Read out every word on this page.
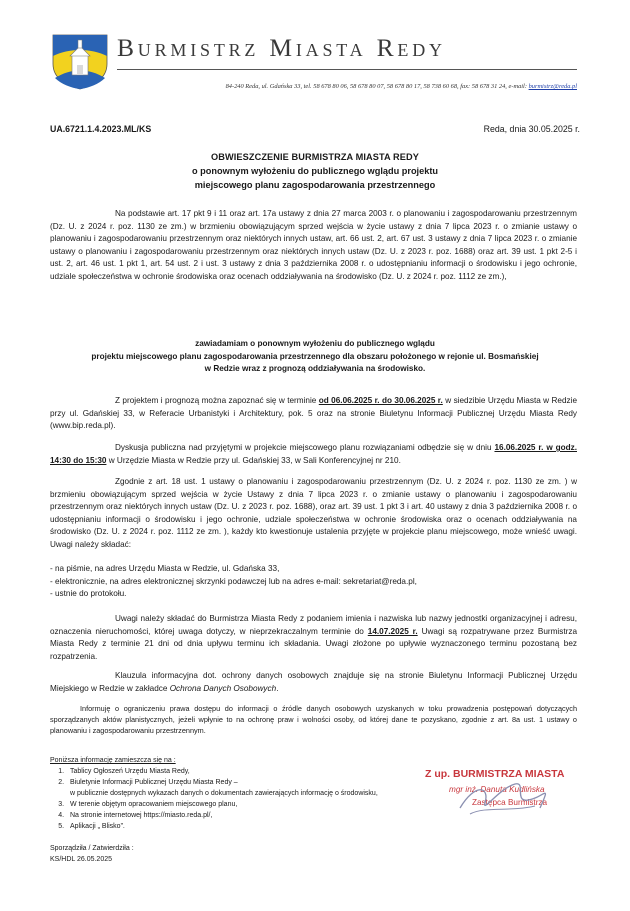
Burmistrz Miasta Redy
84-240 Reda, ul. Gdańska 33, tel. 58 678 80 06, 58 678 80 07, 58 678 80 17, 58 738 60 68, fax: 58 678 31 24, e-mail: burmistrz@reda.pl
UA.6721.1.4.2023.ML/KS	Reda, dnia 30.05.2025 r.
OBWIESZCZENIE BURMISTRZA MIASTA REDY
o ponownym wyłożeniu do publicznego wglądu projektu
miejscowego planu zagospodarowania przestrzennego

Na podstawie art. 17 pkt 9 i 11 oraz art. 17a ustawy z dnia 27 marca 2003 r. o planowaniu i zagospodarowaniu przestrzennym (Dz. U. z 2024 r. poz. 1130 ze zm.) w brzmieniu obowiązującym sprzed wejścia w życie ustawy z dnia 7 lipca 2023 r. o zmianie ustawy o planowaniu i zagospodarowaniu przestrzennym oraz niektórych innych ustaw, art. 66 ust. 2, art. 67 ust. 3 ustawy z dnia 7 lipca 2023 r. o zmianie ustawy o planowaniu i zagospodarowaniu przestrzennym oraz niektórych innych ustaw (Dz. U. z 2023 r. poz. 1688) oraz art. 39 ust. 1 pkt 2-5 i ust. 2, art. 46 ust. 1 pkt 1, art. 54 ust. 2 i ust. 3 ustawy z dnia 3 października 2008 r. o udostępnianiu informacji o środowisku i jego ochronie, udziale społeczeństwa w ochronie środowiska oraz ocenach oddziaływania na środowisko (Dz. U. z 2024 r. poz. 1112 ze zm.),

zawiadamiam o ponownym wyłożeniu do publicznego wglądu
projektu miejscowego planu zagospodarowania przestrzennego dla obszaru położonego w rejonie ul. Bosmańskiej
w Redzie wraz z prognozą oddziaływania na środowisko.

Z projektem i prognozą można zapoznać się w terminie od 06.06.2025 r. do 30.06.2025 r. w siedzibie Urzędu Miasta w Redzie przy ul. Gdańskiej 33, w Referacie Urbanistyki i Architektury, pok. 5 oraz na stronie Biuletynu Informacji Publicznej Urzędu Miasta Redy (www.bip.reda.pl).

Dyskusja publiczna nad przyjętymi w projekcie miejscowego planu rozwiązaniami odbędzie się w dniu 16.06.2025 r. w godz. 14:30 do 15:30 w Urzędzie Miasta w Redzie przy ul. Gdańskiej 33, w Sali Konferencyjnej nr 210.

Zgodnie z art. 18 ust. 1 ustawy o planowaniu i zagospodarowaniu przestrzennym (Dz. U. z 2024 r. poz. 1130 ze zm. ) w brzmieniu obowiązującym sprzed wejścia w życie Ustawy z dnia 7 lipca 2023 r. o zmianie ustawy o planowaniu i zagospodarowaniu przestrzennym oraz niektórych innych ustaw (Dz. U. z 2023 r. poz. 1688), oraz art. 39 ust. 1 pkt 3 i art. 40 ustawy z dnia 3 października 2008 r. o udostępnianiu informacji o środowisku i jego ochronie, udziale społeczeństwa w ochronie środowiska oraz o ocenach oddziaływania na środowisko (Dz. U. z 2024 r. poz. 1112 ze zm. ), każdy kto kwestionuje ustalenia przyjęte w projekcie planu miejscowego, może wnieść uwagi. Uwagi należy składać:

- na piśmie, na adres Urzędu Miasta w Redzie, ul. Gdańska 33,
- elektronicznie, na adres elektronicznej skrzynki podawczej lub na adres e-mail: sekretariat@reda.pl,
- ustnie do protokołu.

Uwagi należy składać do Burmistrza Miasta Redy z podaniem imienia i nazwiska lub nazwy jednostki organizacyjnej i adresu, oznaczenia nieruchomości, której uwaga dotyczy, w nieprzekraczalnym terminie do 14.07.2025 r. Uwagi są rozpatrywane przez Burmistrza Miasta Redy z terminie 21 dni od dnia upływu terminu ich składania. Uwagi złożone po upływie wyznaczonego terminu pozostaną bez rozpatrzenia.

Klauzula informacyjna dot. ochrony danych osobowych znajduje się na stronie Biuletynu Informacji Publicznej Urzędu Miejskiego w Redzie w zakładce Ochrona Danych Osobowych.

Informuję o ograniczeniu prawa dostępu do informacji o źródle danych osobowych uzyskanych w toku prowadzenia postępowań dotyczących sporządzanych aktów planistycznych, jeżeli wpłynie to na ochronę praw i wolności osoby, od której dane te pozyskano, zgodnie z art. 8a ust. 1 ustawy o planowaniu i zagospodarowaniu przestrzennym.

Poniższa informację zamieszcza się na :
1. Tablicy Ogłoszeń Urzędu Miasta Redy,
2. Biuletynie Informacji Publicznej Urzędu Miasta Redy –
w publicznie dostępnych wykazach danych o dokumentach zawierających informację o środowisku,
3. W terenie objętym opracowaniem miejscowego planu,
4. Na stronie internetowej https://miasto.reda.pl/,
5. Aplikacji „ Blisko”.
Sporządziła / Zatwierdziła :
KS/HDL 26.05.2025
Z up. BURMISTRZA MIASTA
mgr inż. Danuta Kudlińska
Zastępca Burmistrza
